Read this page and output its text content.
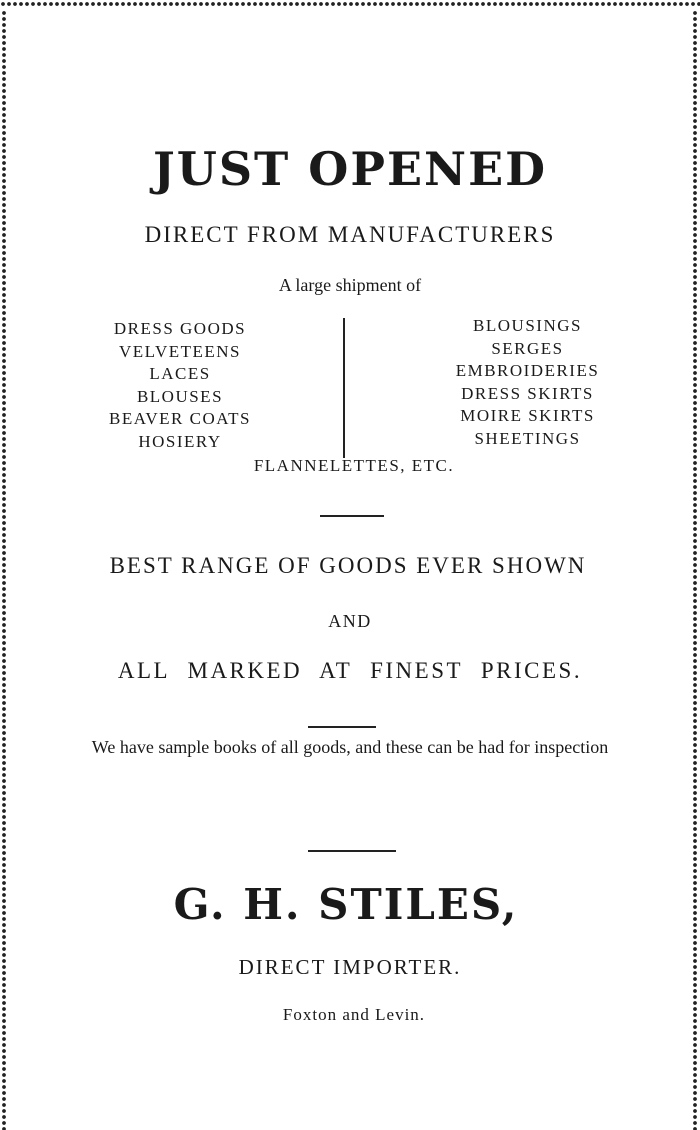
JUST OPENED
DIRECT FROM MANUFACTURERS
A large shipment of
DRESS GOODS
VELVETEENS
LACES
BLOUSES
BEAVER COATS
HOSIERY
BLOUSINGS
SERGES
EMBROIDERIES
DRESS SKIRTS
MOIRE SKIRTS
SHEETINGS
FLANNELETTES, ETC.
BEST RANGE OF GOODS EVER SHOWN
AND
ALL MARKED AT FINEST PRICES.
We have sample books of all goods, and these can be had for inspection
G. H. STILES,
DIRECT IMPORTER.
Foxton and Levin.
